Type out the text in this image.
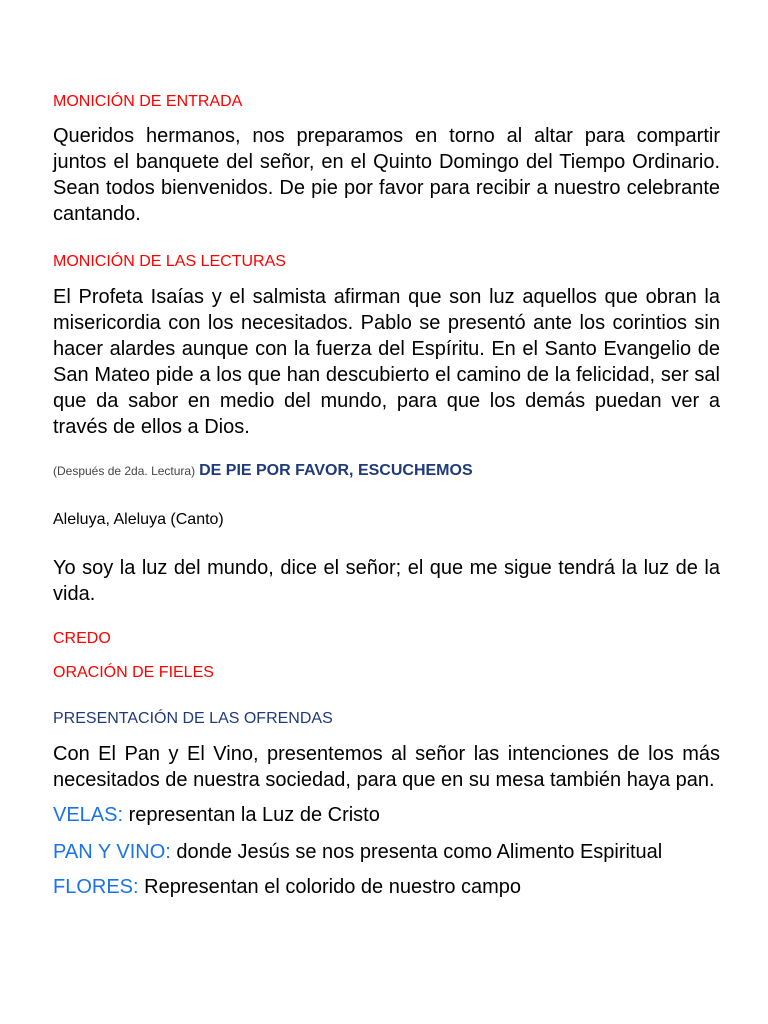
MONICIÓN DE ENTRADA
Queridos hermanos, nos preparamos en torno al altar para compartir juntos el banquete del señor, en el Quinto Domingo del Tiempo Ordinario. Sean todos bienvenidos. De pie por favor para recibir a nuestro celebrante cantando.
MONICIÓN DE LAS LECTURAS
El Profeta Isaías y el salmista afirman que son luz aquellos que obran la misericordia con los necesitados. Pablo se presentó ante los corintios sin hacer alardes aunque con la fuerza del Espíritu. En el Santo Evangelio de San Mateo pide a los que han descubierto el camino de la felicidad, ser sal que da sabor en medio del mundo, para que los demás puedan ver a través de ellos a Dios.
(Después de 2da. Lectura) DE PIE POR FAVOR, ESCUCHEMOS
Aleluya, Aleluya (Canto)
Yo soy la luz del mundo, dice el señor; el que me sigue tendrá la luz de la vida.
CREDO
ORACIÓN DE FIELES
PRESENTACIÓN DE LAS OFRENDAS
Con El Pan y El Vino, presentemos al señor las intenciones de los más necesitados de nuestra sociedad, para que en su mesa también haya pan.
VELAS: representan la Luz de Cristo
PAN Y VINO: donde Jesús se nos presenta como Alimento Espiritual
FLORES: Representan el colorido de nuestro campo
